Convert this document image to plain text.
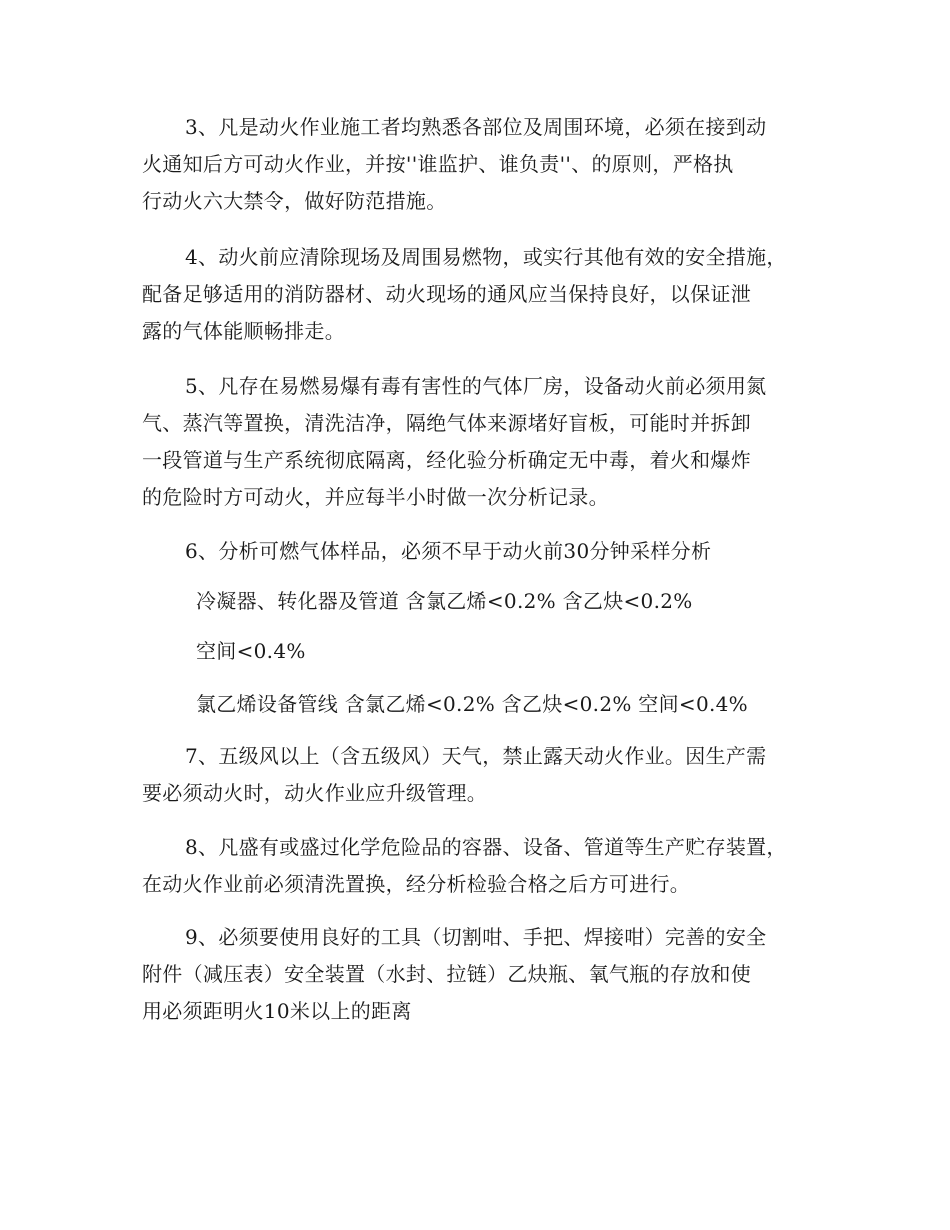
3、凡是动火作业施工者均熟悉各部位及周围环境，必须在接到动
火通知后方可动火作业，并按''谁监护、谁负责''、的原则，严格执
行动火六大禁令，做好防范措施。
4、动火前应清除现场及周围易燃物，或实行其他有效的安全措施，
配备足够适用的消防器材、动火现场的通风应当保持良好，以保证泄
露的气体能顺畅排走。
5、凡存在易燃易爆有毒有害性的气体厂房，设备动火前必须用氮
气、蒸汽等置换，清洗洁净，隔绝气体来源堵好盲板，可能时并拆卸
一段管道与生产系统彻底隔离，经化验分析确定无中毒，着火和爆炸
的危险时方可动火，并应每半小时做一次分析记录。
6、分析可燃气体样品，必须不早于动火前30分钟采样分析
冷凝器、转化器及管道 含氯乙烯<0.2% 含乙炔<0.2%
空间<0.4%
氯乙烯设备管线 含氯乙烯<0.2% 含乙炔<0.2% 空间<0.4%
7、五级风以上（含五级风）天气，禁止露天动火作业。因生产需
要必须动火时，动火作业应升级管理。
8、凡盛有或盛过化学危险品的容器、设备、管道等生产贮存装置，
在动火作业前必须清洗置换，经分析检验合格之后方可进行。
9、必须要使用良好的工具（切割咁、手把、焊接咁）完善的安全
附件（减压表）安全装置（水封、拉链）乙炔瓶、氧气瓶的存放和使
用必须距明火10米以上的距离
